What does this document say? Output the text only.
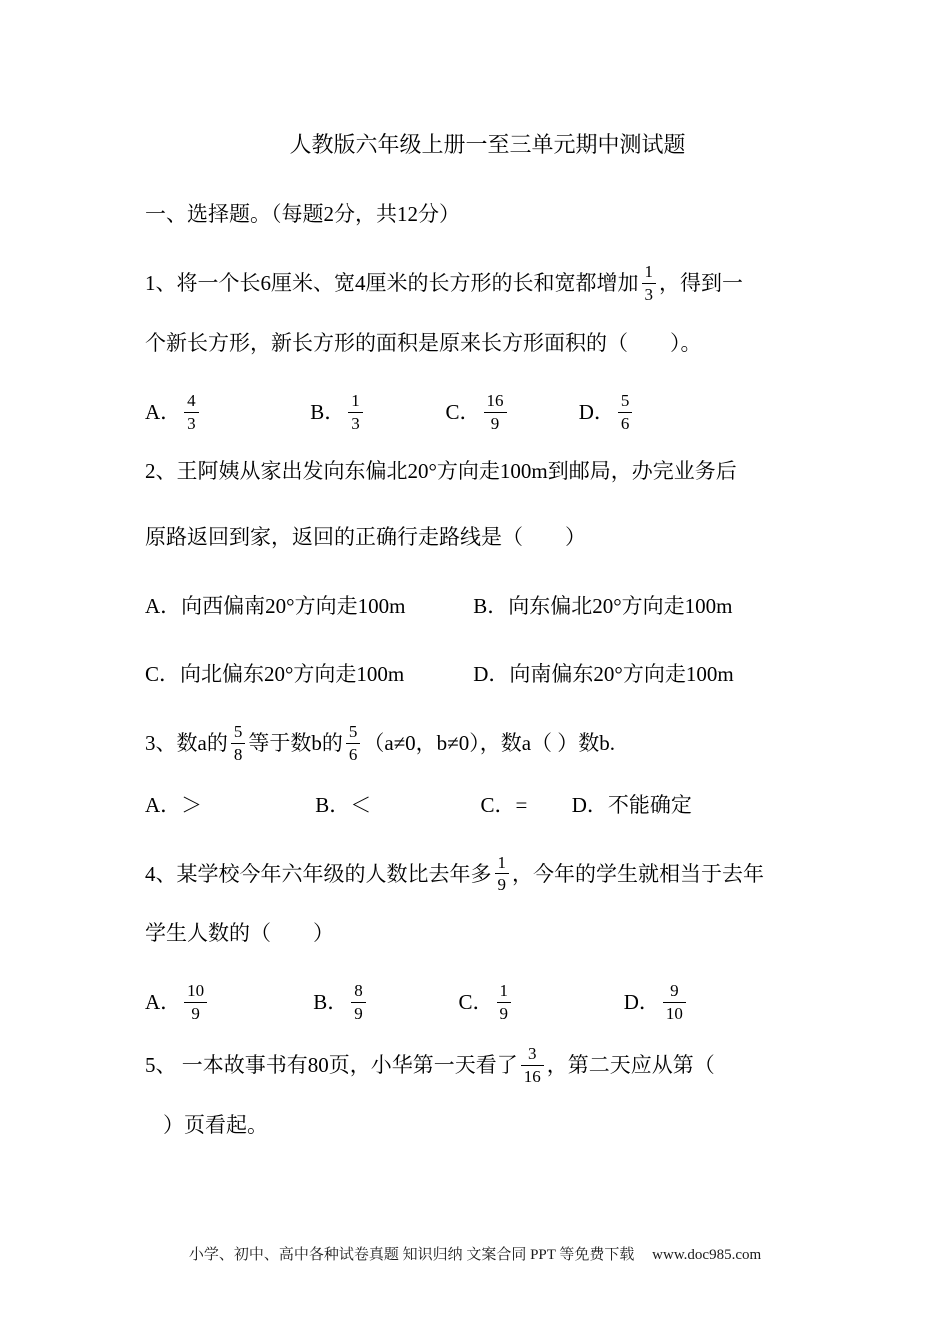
人教版六年级上册一至三单元期中测试题

一、选择题。（每题2分，共12分）

1、将一个长6厘米、宽4厘米的长方形的长和宽都增加 $\frac{1}{3}$ ，得到一

个新长方形，新长方形的面积是原来长方形面积的（　　）。

A． $\frac{4}{3}$	B． $\frac{1}{3}$	C． $\frac{16}{9}$	D． $\frac{5}{6}$

2、王阿姨从家出发向东偏北20°方向走100m到邮局，办完业务后

原路返回到家，返回的正确行走路线是（　　）

A．向西偏南20°方向走100m	B．向东偏北20°方向走100m

C．向北偏东20°方向走100m	D．向南偏东20°方向走100m

3、数a的 $\frac{5}{8}$ 等于数b的 $\frac{5}{6} (a\ne 0$，b≠0），数a（ ）数b.

A．＞	B．＜	C．= D．不能确定

4、某学校今年六年级的人数比去年多 $\frac{1}{9}$ ，今年的学生就相当于去年

学生人数的（　　）

A． $\frac{10}{9}$	B． $\frac{8}{9}$	C． $\frac{1}{9}$	D． $\frac{9}{10}$

5、 一本故事书有80页，小华第一天看了 $\frac{3}{16}$ ，第二天应从第（

）页看起。

小学、初中、高中各种试卷真题 知识归纳 文案合同 PPT 等免费下载 www.doc985.com
